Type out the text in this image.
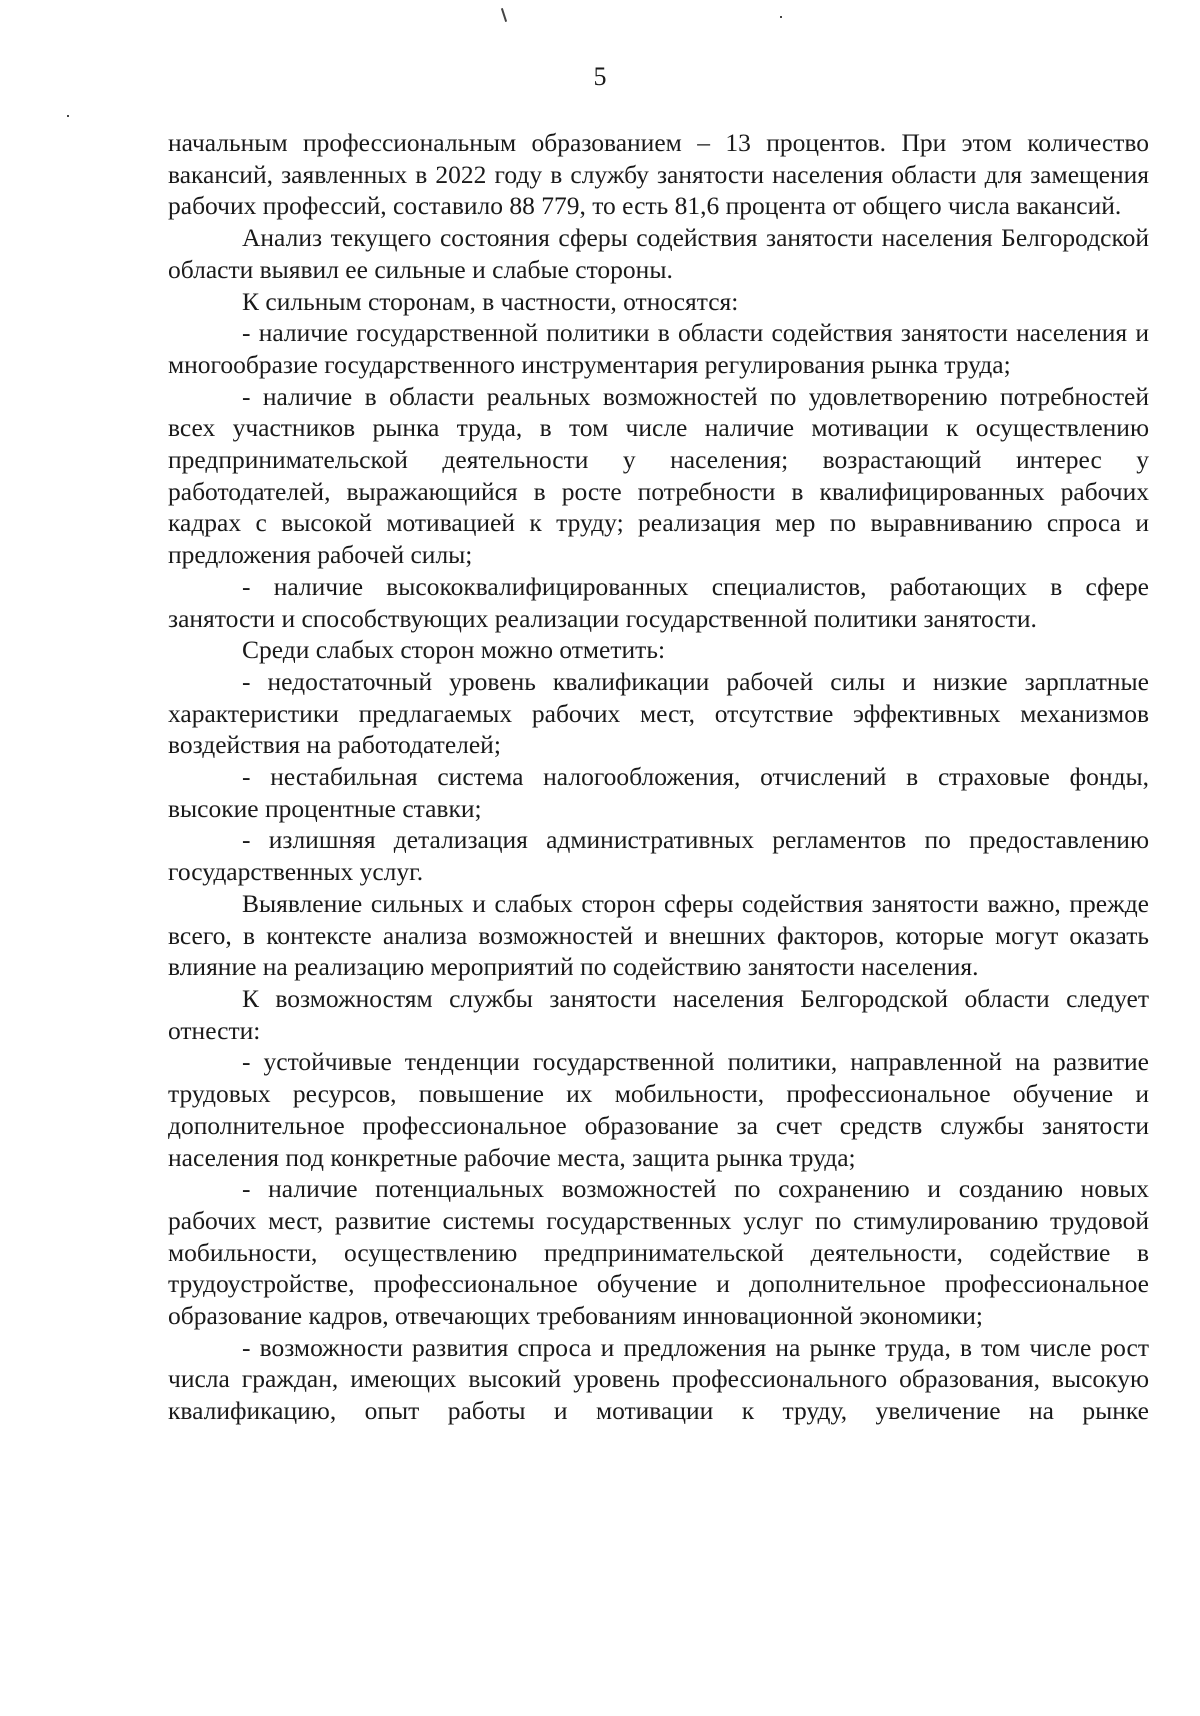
5

начальным профессиональным образованием – 13 процентов. При этом количество вакансий, заявленных в 2022 году в службу занятости населения области для замещения рабочих профессий, составило 88 779, то есть 81,6 процента от общего числа вакансий.

Анализ текущего состояния сферы содействия занятости населения Белгородской области выявил ее сильные и слабые стороны.

К сильным сторонам, в частности, относятся:

- наличие государственной политики в области содействия занятости населения и многообразие государственного инструментария регулирования рынка труда;

- наличие в области реальных возможностей по удовлетворению потребностей всех участников рынка труда, в том числе наличие мотивации к осуществлению предпринимательской деятельности у населения; возрастающий интерес у работодателей, выражающийся в росте потребности в квалифицированных рабочих кадрах с высокой мотивацией к труду; реализация мер по выравниванию спроса и предложения рабочей силы;

- наличие высококвалифицированных специалистов, работающих в сфере занятости и способствующих реализации государственной политики занятости.

Среди слабых сторон можно отметить:

- недостаточный уровень квалификации рабочей силы и низкие зарплатные характеристики предлагаемых рабочих мест, отсутствие эффективных механизмов воздействия на работодателей;

- нестабильная система налогообложения, отчислений в страховые фонды, высокие процентные ставки;

- излишняя детализация административных регламентов по предоставлению государственных услуг.

Выявление сильных и слабых сторон сферы содействия занятости важно, прежде всего, в контексте анализа возможностей и внешних факторов, которые могут оказать влияние на реализацию мероприятий по содействию занятости населения.

К возможностям службы занятости населения Белгородской области следует отнести:

- устойчивые тенденции государственной политики, направленной на развитие трудовых ресурсов, повышение их мобильности, профессиональное обучение и дополнительное профессиональное образование за счет средств службы занятости населения под конкретные рабочие места, защита рынка труда;

- наличие потенциальных возможностей по сохранению и созданию новых рабочих мест, развитие системы государственных услуг по стимулированию трудовой мобильности, осуществлению предпринимательской деятельности, содействие в трудоустройстве, профессиональное обучение и дополнительное профессиональное образование кадров, отвечающих требованиям инновационной экономики;

- возможности развития спроса и предложения на рынке труда, в том числе рост числа граждан, имеющих высокий уровень профессионального образования, высокую квалификацию, опыт работы и мотивации к труду, увеличение на рынке
